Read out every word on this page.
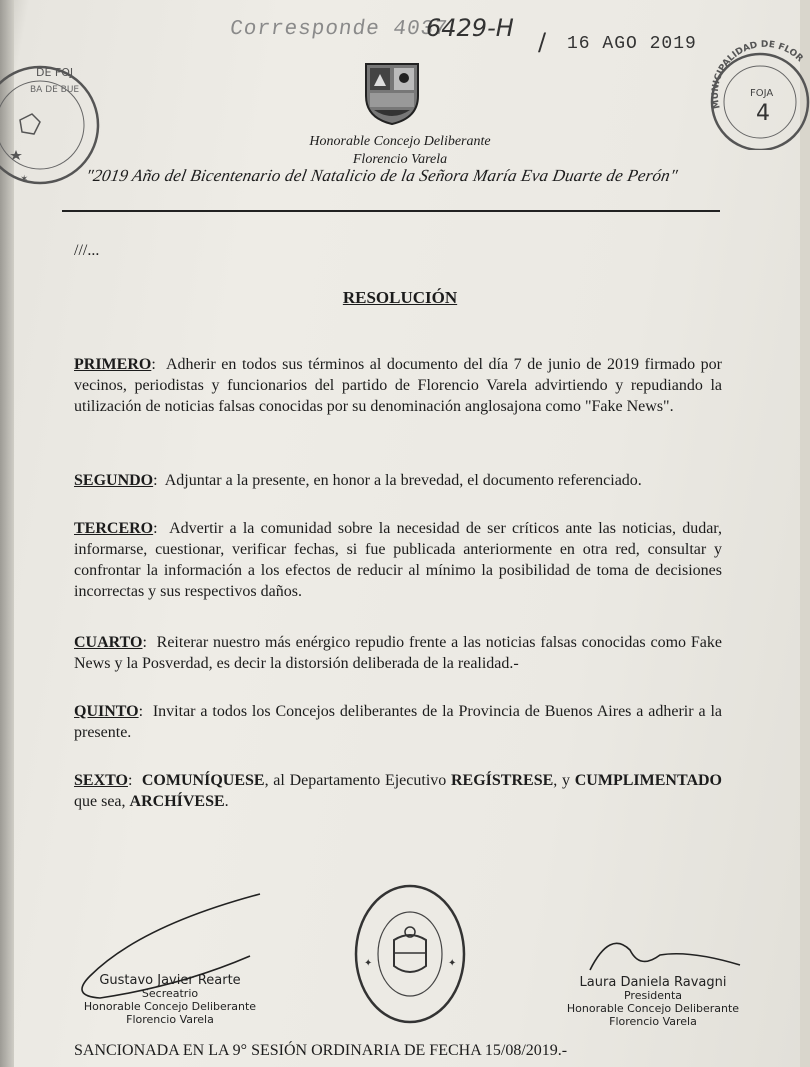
Corresponde 4037
6429-H / 16 AGO 2019
DE FOJ
BA DE BUE
✶
MUNICIPALIDAD DE FLOR
FOJA
4
Honorable Concejo Deliberante
Florencio Varela
"2019 Año del Bicentenario del Natalicio de la Señora María Eva Duarte de Perón"
///...
RESOLUCIÓN
PRIMERO:  Adherir en todos sus términos al documento del día 7 de junio de 2019 firmado por vecinos, periodistas y funcionarios del partido de Florencio Varela advirtiendo y repudiando la utilización de noticias falsas conocidas por su denominación anglosajona como "Fake News".
SEGUNDO:  Adjuntar a la presente, en honor a la brevedad, el documento referenciado.
TERCERO:  Advertir a la comunidad sobre la necesidad de ser críticos ante las noticias, dudar, informarse, cuestionar, verificar fechas, si fue publicada anteriormente en otra red, consultar y confrontar la información a los efectos de reducir al mínimo la posibilidad de toma de decisiones incorrectas y sus respectivos daños.
CUARTO:  Reiterar nuestro más enérgico repudio frente a las noticias falsas conocidas como Fake News y la Posverdad, es decir la distorsión deliberada de la realidad.-
QUINTO:  Invitar a todos los Concejos deliberantes de la Provincia de Buenos Aires a adherir a la presente.
SEXTO:  COMUNÍQUESE, al Departamento Ejecutivo REGÍSTRESE, y CUMPLIMENTADO que sea, ARCHÍVESE.
✦	✦
H. CONCEJO DELIBERANTE · FCIO. VARELA
Gustavo Javier Rearte
Secreatrio
Honorable Concejo Deliberante
Florencio Varela
Laura Daniela Ravagni
Presidenta
Honorable Concejo Deliberante
Florencio Varela
SANCIONADA EN LA 9° SESIÓN ORDINARIA DE FECHA 15/08/2019.-
